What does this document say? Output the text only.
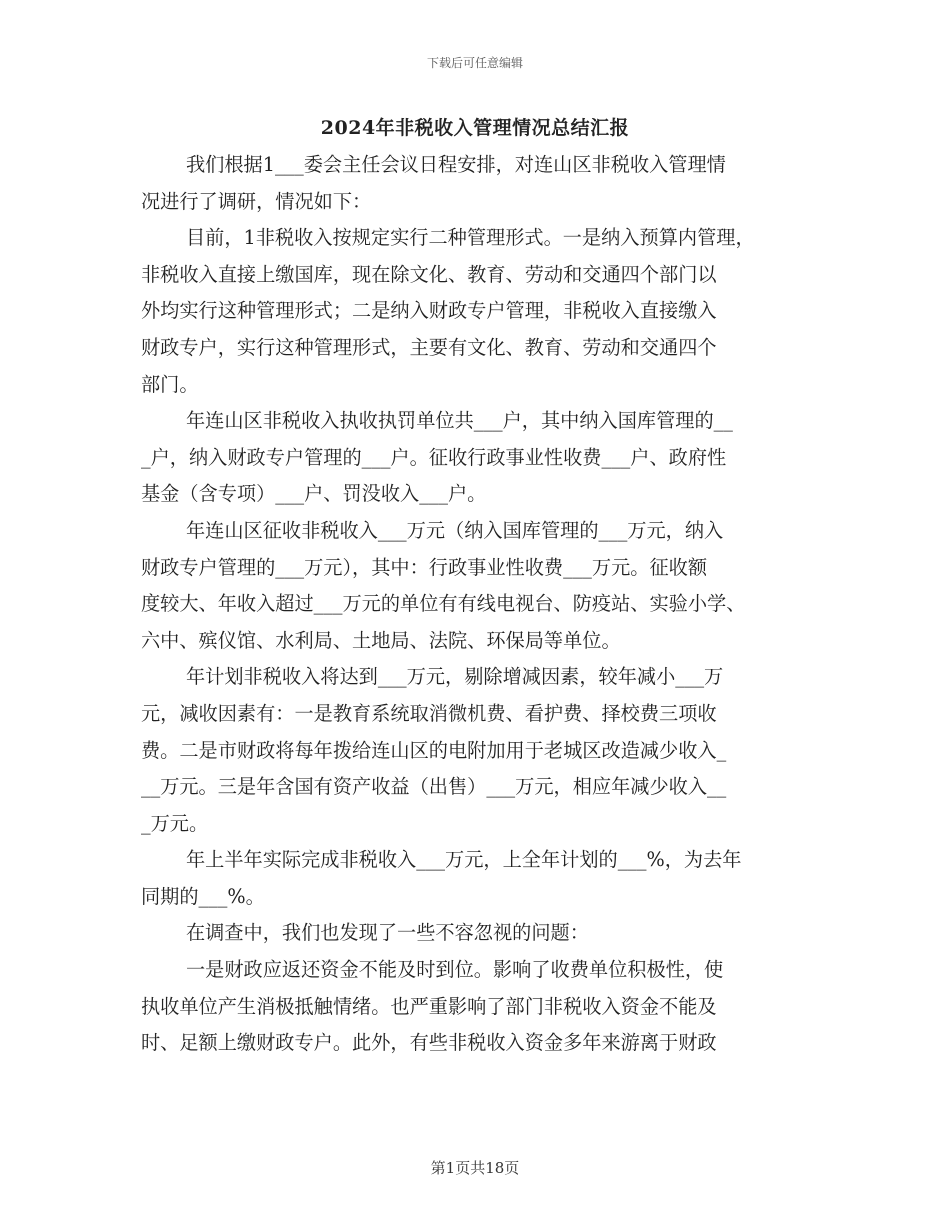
下载后可任意编辑
2024年非税收入管理情况总结汇报
我们根据1___委会主任会议日程安排，对连山区非税收入管理情
况进行了调研，情况如下：
目前，1非税收入按规定实行二种管理形式。一是纳入预算内管理，
非税收入直接上缴国库，现在除文化、教育、劳动和交通四个部门以
外均实行这种管理形式；二是纳入财政专户管理，非税收入直接缴入
财政专户，实行这种管理形式，主要有文化、教育、劳动和交通四个
部门。
年连山区非税收入执收执罚单位共___户，其中纳入国库管理的__
_户，纳入财政专户管理的___户。征收行政事业性收费___户、政府性
基金（含专项）___户、罚没收入___户。
年连山区征收非税收入___万元（纳入国库管理的___万元，纳入
财政专户管理的___万元），其中：行政事业性收费___万元。征收额
度较大、年收入超过___万元的单位有有线电视台、防疫站、实验小学、
六中、殡仪馆、水利局、土地局、法院、环保局等单位。
年计划非税收入将达到___万元，剔除增减因素，较年减小___万
元，减收因素有：一是教育系统取消微机费、看护费、择校费三项收
费。二是市财政将每年拨给连山区的电附加用于老城区改造减少收入_
__万元。三是年含国有资产收益（出售）___万元，相应年减少收入__
_万元。
年上半年实际完成非税收入___万元，上全年计划的___%，为去年
同期的___%。
在调查中，我们也发现了一些不容忽视的问题：
一是财政应返还资金不能及时到位。影响了收费单位积极性，使
执收单位产生消极抵触情绪。也严重影响了部门非税收入资金不能及
时、足额上缴财政专户。此外，有些非税收入资金多年来游离于财政
第1页共18页
